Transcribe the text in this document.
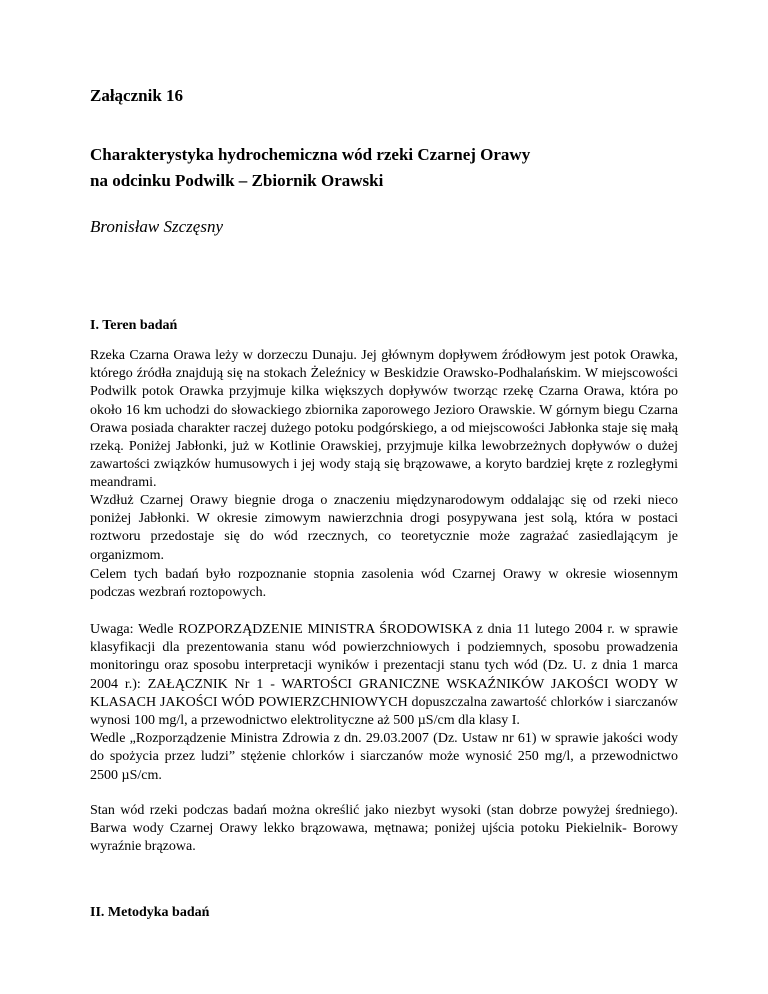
Załącznik 16

Charakterystyka hydrochemiczna wód rzeki Czarnej Orawy
na odcinku Podwilk – Zbiornik Orawski

Bronisław Szczęsny

I. Teren badań

Rzeka Czarna Orawa leży w dorzeczu Dunaju. Jej głównym dopływem źródłowym jest potok Orawka, którego źródła znajdują się na stokach Żeleźnicy w Beskidzie Orawsko-Podhalańskim. W miejscowości Podwilk potok Orawka przyjmuje kilka większych dopływów tworząc rzekę Czarna Orawa, która po około 16 km uchodzi do słowackiego zbiornika zaporowego Jezioro Orawskie. W górnym biegu Czarna Orawa posiada charakter raczej dużego potoku podgórskiego, a od miejscowości Jabłonka staje się małą rzeką. Poniżej Jabłonki, już w Kotlinie Orawskiej, przyjmuje kilka lewobrzeżnych dopływów o dużej zawartości związków humusowych i jej wody stają się brązowawe, a koryto bardziej kręte z rozległymi meandrami.

Wzdłuż Czarnej Orawy biegnie droga o znaczeniu międzynarodowym oddalając się od rzeki nieco poniżej Jabłonki. W okresie zimowym nawierzchnia drogi posypywana jest solą, która w postaci roztworu przedostaje się do wód rzecznych, co teoretycznie może zagrażać zasiedlającym je organizmom.

Celem tych badań było rozpoznanie stopnia zasolenia wód Czarnej Orawy w okresie wiosennym podczas wezbrań roztopowych.

Uwaga: Wedle ROZPORZĄDZENIE MINISTRA ŚRODOWISKA z dnia 11 lutego 2004 r. w sprawie klasyfikacji dla prezentowania stanu wód powierzchniowych i podziemnych, sposobu prowadzenia monitoringu oraz sposobu interpretacji wyników i prezentacji stanu tych wód (Dz. U. z dnia 1 marca 2004 r.): ZAŁĄCZNIK Nr 1 - WARTOŚCI GRANICZNE WSKAŹNIKÓW JAKOŚCI WODY W KLASACH JAKOŚCI WÓD POWIERZCHNIOWYCH dopuszczalna zawartość chlorków i siarczanów wynosi 100 mg/l, a przewodnictwo elektrolityczne aż 500 µS/cm dla klasy I.
Wedle „Rozporządzenie Ministra Zdrowia z dn. 29.03.2007 (Dz. Ustaw nr 61) w sprawie jakości wody do spożycia przez ludzi” stężenie chlorków i siarczanów może wynosić 250 mg/l, a przewodnictwo 2500 µS/cm.

Stan wód rzeki podczas badań można określić jako niezbyt wysoki (stan dobrze powyżej średniego). Barwa wody Czarnej Orawy lekko brązowawa, mętnawa; poniżej ujścia potoku Piekielnik- Borowy wyraźnie brązowa.

II. Metodyka badań
